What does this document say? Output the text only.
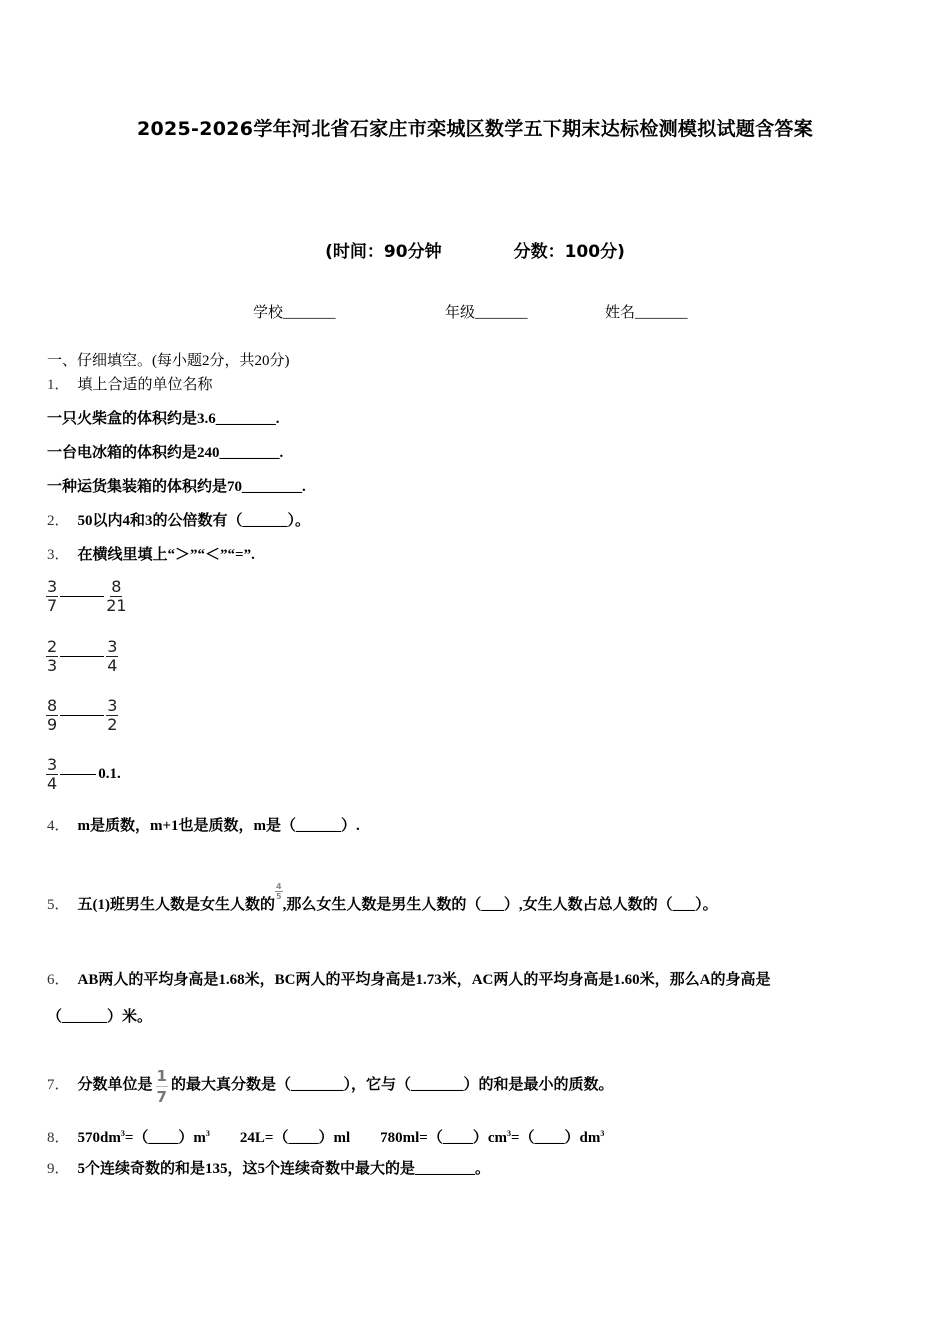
2025-2026学年河北省石家庄市栾城区数学五下期末达标检测模拟试题含答案
(时间：90分钟	分数：100分)
学校_______	年级_______	姓名_______
一、仔细填空。(每小题2分，共20分)
1． 填上合适的单位名称
一只火柴盒的体积约是3.6________.
一台电冰箱的体积约是240________.
一种运货集装箱的体积约是70________.
2． 50以内4和3的公倍数有（______）。
3． 在横线里填上“＞”“＜”“=”.
$\frac{3}{7}$	$\frac{8}{21}$
$\frac{2}{3}$	$\frac{3}{4}$
$\frac{8}{9}$	$\frac{3}{2}$
$\frac{3}{4}$	0.1.
4． m是质数，m+1也是质数，m是（______）.
5． 五(1)班男生人数是女生人数的
$\frac{4}{5}$
,那么女生人数是男生人数的（___）,女生人数占总人数的（___）。
6． AB两人的平均身高是1.68米，BC两人的平均身高是1.73米，AC两人的平均身高是1.60米，那么A的身高是
（______）米。
7． 分数单位是 $\frac{1}{7}$ 的最大真分数是（_______），它与（_______）的和是最小的质数。
8． $570dm^3=(\_\_\_\_)m^3$ 24L=（____）ml $780ml=(\_\_\_\_)cm^3=(\_\_\_\_)dm^3$
9． 5个连续奇数的和是135，这5个连续奇数中最大的是________。
